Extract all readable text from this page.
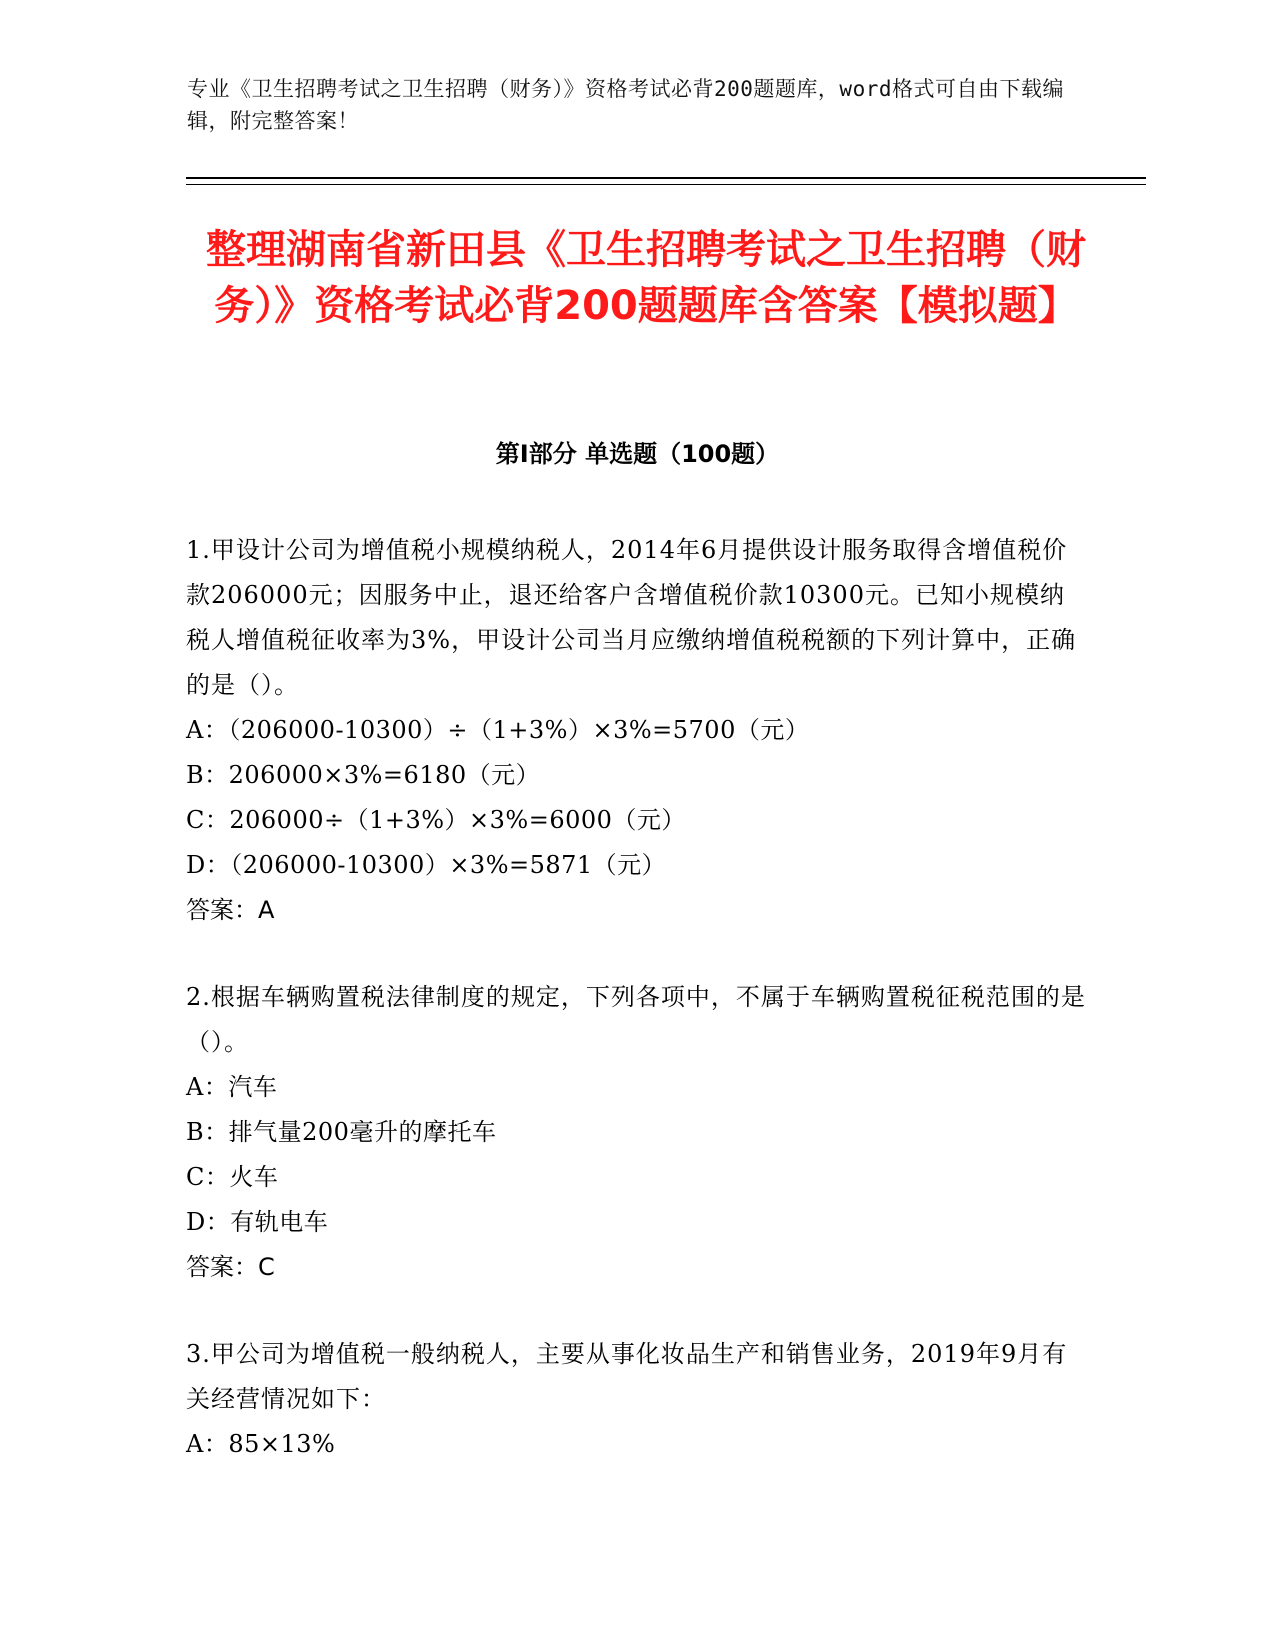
专业《卫生招聘考试之卫生招聘（财务）》资格考试必背200题题库，word格式可自由下载编辑，附完整答案！
整理湖南省新田县《卫生招聘考试之卫生招聘（财务）》资格考试必背200题题库含答案【模拟题】
第Ⅰ部分 单选题（100题）
1.甲设计公司为增值税小规模纳税人，2014年6月提供设计服务取得含增值税价款206000元；因服务中止，退还给客户含增值税价款10300元。已知小规模纳税人增值税征收率为3%，甲设计公司当月应缴纳增值税税额的下列计算中，正确的是（）。
A：（206000-10300）÷（1+3%）×3%=5700（元）
B：206000×3%=6180（元）
C：206000÷（1+3%）×3%=6000（元）
D：（206000-10300）×3%=5871（元）
答案：A
2.根据车辆购置税法律制度的规定，下列各项中，不属于车辆购置税征税范围的是（）。
A：汽车
B：排气量200毫升的摩托车
C：火车
D：有轨电车
答案：C
3.甲公司为增值税一般纳税人，主要从事化妆品生产和销售业务，2019年9月有关经营情况如下：
A：85×13%
